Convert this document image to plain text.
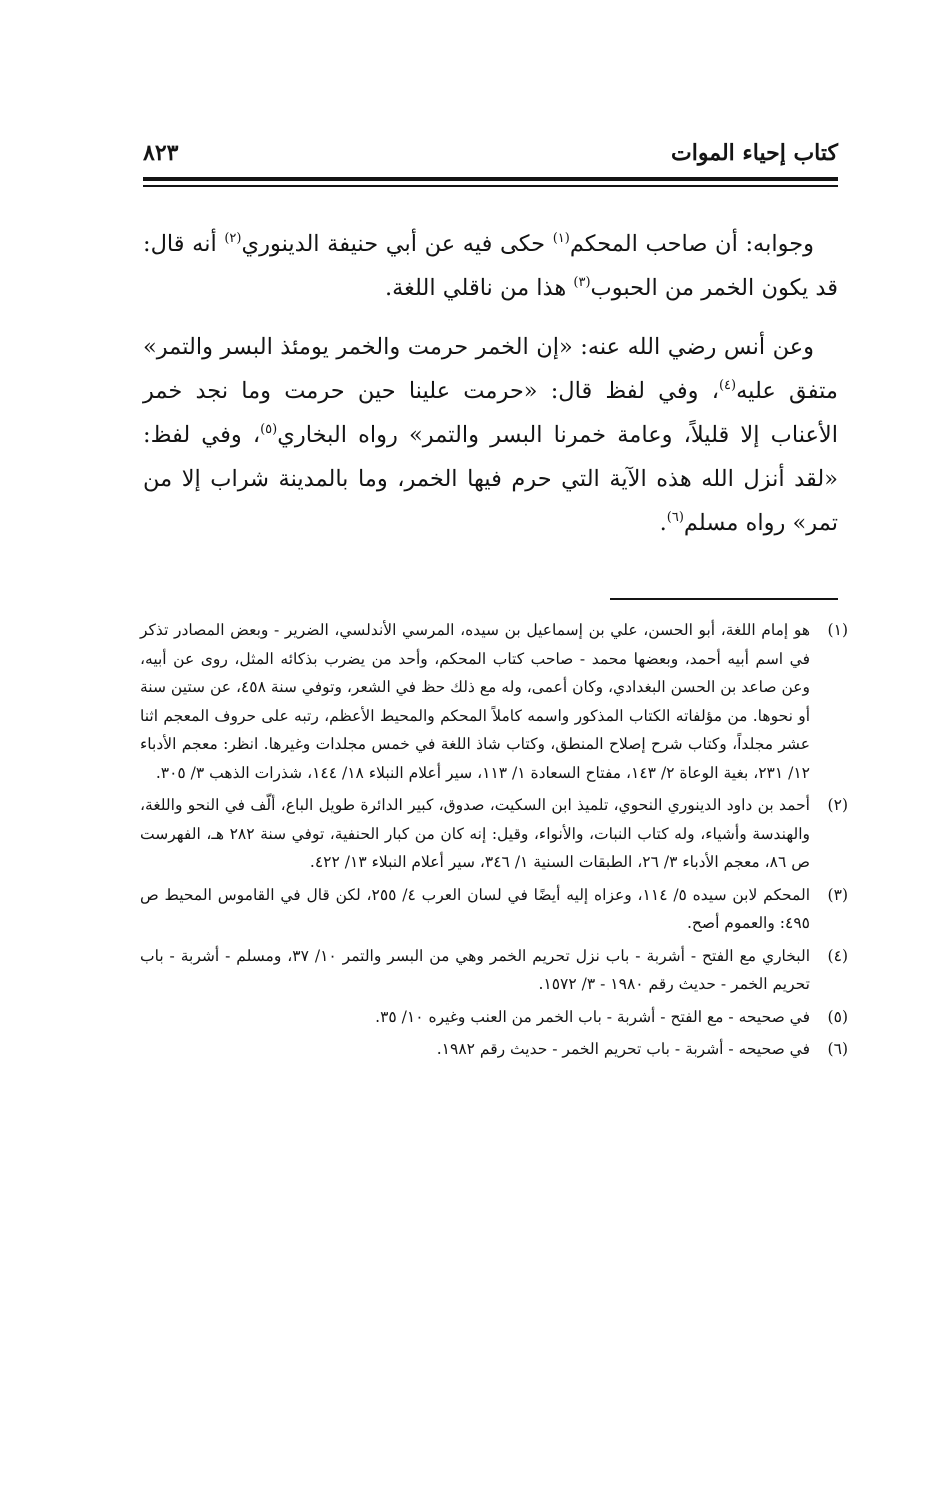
كتاب إحياء الموات
٨٢٣

وجوابه: أن صاحب المحكم$^{(١)}$ حكى فيه عن أبي حنيفة الدينوري$^{(٢)}$ أنه قال: قد يكون الخمر من الحبوب$^{(٣)}$ هذا من ناقلي اللغة.

وعن أنس رضي الله عنه: «إن الخمر حرمت والخمر يومئذ البسر والتمر» متفق عليه$^{(٤)}$، وفي لفظ قال: «حرمت علينا حين حرمت وما نجد خمر الأعناب إلا قليلاً، وعامة خمرنا البسر والتمر» رواه البخاري$^{(٥)}$، وفي لفظ: «لقد أنزل الله هذه الآية التي حرم فيها الخمر، وما بالمدينة شراب إلا من تمر» رواه مسلم$^{(٦)}$.

(١)
هو إمام اللغة، أبو الحسن، علي بن إسماعيل بن سيده، المرسي الأندلسي، الضرير - وبعض المصادر تذكر في اسم أبيه أحمد، وبعضها محمد - صاحب كتاب المحكم، وأحد من يضرب بذكائه المثل، روى عن أبيه، وعن صاعد بن الحسن البغدادي، وكان أعمى، وله مع ذلك حظ في الشعر، وتوفي سنة ٤٥٨، عن ستين سنة أو نحوها. من مؤلفاته الكتاب المذكور واسمه كاملاً المحكم والمحيط الأعظم، رتبه على حروف المعجم اثنا عشر مجلداً، وكتاب شرح إصلاح المنطق، وكتاب شاذ اللغة في خمس مجلدات وغيرها. انظر: معجم الأدباء ١٢/ ٢٣١، بغية الوعاة ٢/ ١٤٣، مفتاح السعادة ١/ ١١٣، سير أعلام النبلاء ١٨/ ١٤٤، شذرات الذهب ٣/ ٣٠٥.
(٢)
أحمد بن داود الدينوري النحوي، تلميذ ابن السكيت، صدوق، كبير الدائرة طويل الباع، ألّف في النحو واللغة، والهندسة وأشياء، وله كتاب النبات، والأنواء، وقيل: إنه كان من كبار الحنفية، توفي سنة ٢٨٢ هـ، الفهرست ص ٨٦، معجم الأدباء ٣/ ٢٦، الطبقات السنية ١/ ٣٤٦، سير أعلام النبلاء ١٣/ ٤٢٢.
(٣)
المحكم لابن سيده ٥/ ١١٤، وعزاه إليه أيضًا في لسان العرب ٤/ ٢٥٥، لكن قال في القاموس المحيط ص ٤٩٥: والعموم أصح.
(٤)
البخاري مع الفتح - أشربة - باب نزل تحريم الخمر وهي من البسر والتمر ١٠/ ٣٧، ومسلم - أشربة - باب تحريم الخمر - حديث رقم ١٩٨٠ - ٣/ ١٥٧٢.
(٥)
في صحيحه - مع الفتح - أشربة - باب الخمر من العنب وغيره ١٠/ ٣٥.
(٦)
في صحيحه - أشربة - باب تحريم الخمر - حديث رقم ١٩٨٢.
